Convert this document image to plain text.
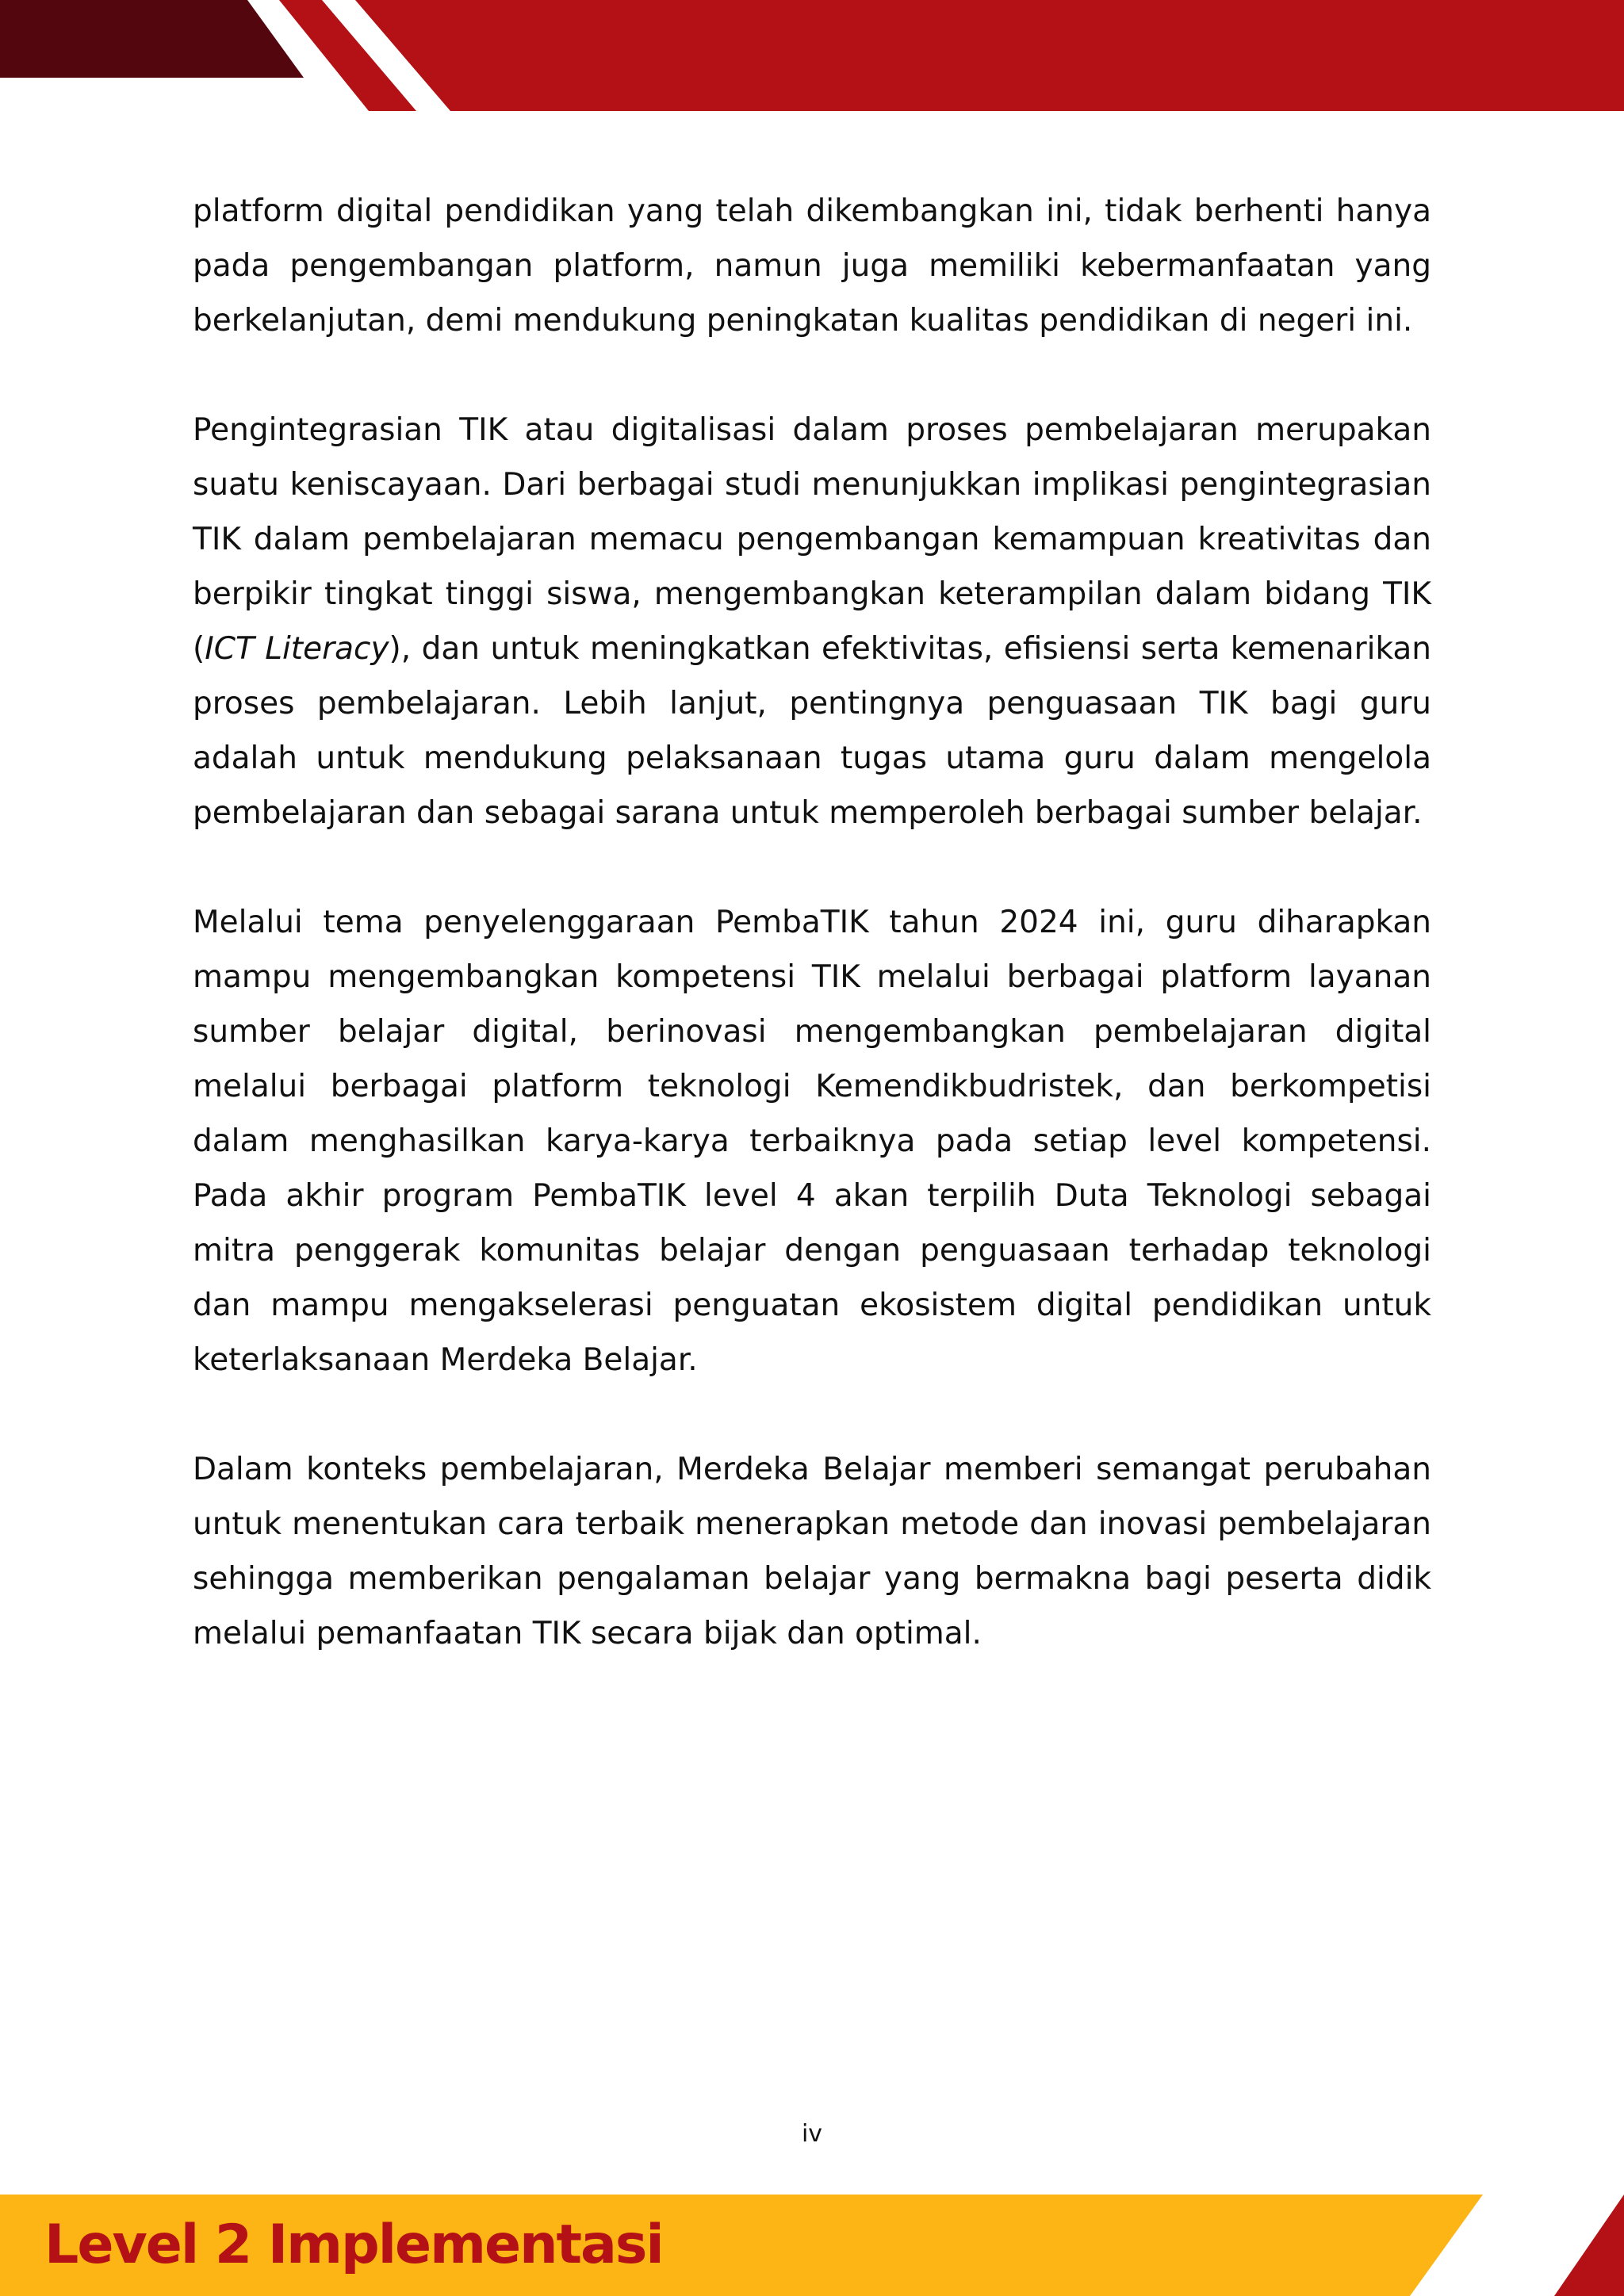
platform digital pendidikan yang telah dikembangkan ini, tidak berhenti hanya pada pengembangan platform, namun juga memiliki kebermanfaatan yang berkelanjutan, demi mendukung peningkatan kualitas pendidikan di negeri ini.

Pengintegrasian TIK atau digitalisasi dalam proses pembelajaran merupakan suatu keniscayaan. Dari berbagai studi menunjukkan implikasi pengintegrasian TIK dalam pembelajaran memacu pengembangan kemampuan kreativitas dan berpikir tingkat tinggi siswa, mengembangkan keterampilan dalam bidang TIK (ICT Literacy), dan untuk meningkatkan efektivitas, efisiensi serta kemenarikan proses pembelajaran. Lebih lanjut, pentingnya penguasaan TIK bagi guru adalah untuk mendukung pelaksanaan tugas utama guru dalam mengelola pembelajaran dan sebagai sarana untuk memperoleh berbagai sumber belajar.

Melalui tema penyelenggaraan PembaTIK tahun 2024 ini, guru diharapkan mampu mengembangkan kompetensi TIK melalui berbagai platform layanan sumber belajar digital, berinovasi mengembangkan pembelajaran digital melalui berbagai platform teknologi Kemendikbudristek, dan berkompetisi dalam menghasilkan karya-karya terbaiknya pada setiap level kompetensi. Pada akhir program PembaTIK level 4 akan terpilih Duta Teknologi sebagai mitra penggerak komunitas belajar dengan penguasaan terhadap teknologi dan mampu mengakselerasi penguatan ekosistem digital pendidikan untuk keterlaksanaan Merdeka Belajar.

Dalam konteks pembelajaran, Merdeka Belajar memberi semangat perubahan untuk menentukan cara terbaik menerapkan metode dan inovasi pembelajaran sehingga memberikan pengalaman belajar yang bermakna bagi peserta didik melalui pemanfaatan TIK secara bijak dan optimal.

iv
Level 2 Implementasi
